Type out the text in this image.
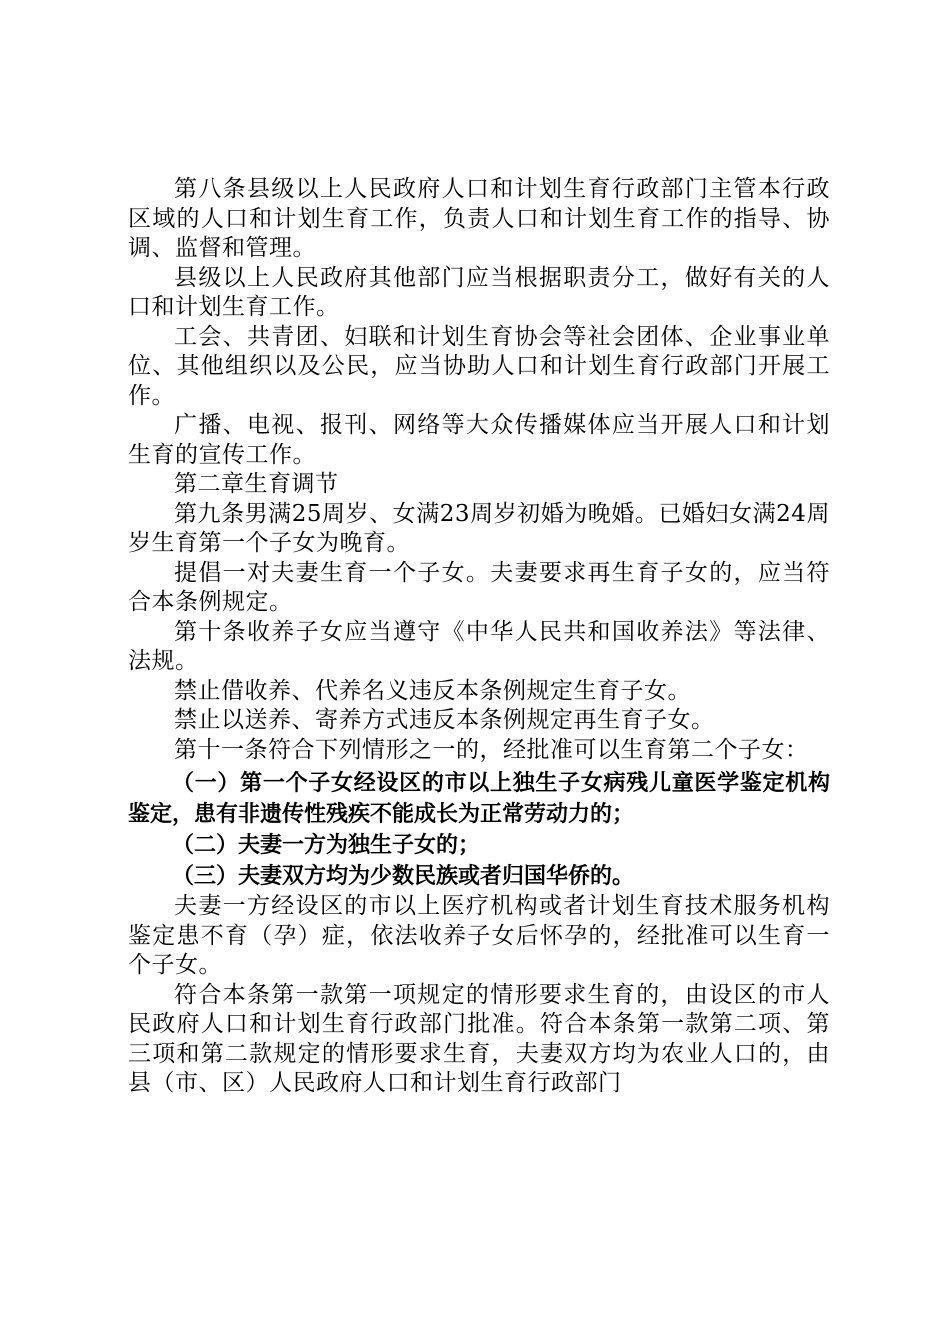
第八条县级以上人民政府人口和计划生育行政部门主管本行政区域的人口和计划生育工作，负责人口和计划生育工作的指导、协调、监督和管理。

县级以上人民政府其他部门应当根据职责分工，做好有关的人口和计划生育工作。

工会、共青团、妇联和计划生育协会等社会团体、企业事业单位、其他组织以及公民，应当协助人口和计划生育行政部门开展工作。

广播、电视、报刊、网络等大众传播媒体应当开展人口和计划生育的宣传工作。

第二章生育调节

第九条男满25周岁、女满23周岁初婚为晚婚。已婚妇女满24周岁生育第一个子女为晚育。

提倡一对夫妻生育一个子女。夫妻要求再生育子女的，应当符合本条例规定。

第十条收养子女应当遵守《中华人民共和国收养法》等法律、法规。

禁止借收养、代养名义违反本条例规定生育子女。

禁止以送养、寄养方式违反本条例规定再生育子女。

第十一条符合下列情形之一的，经批准可以生育第二个子女：

（一）第一个子女经设区的市以上独生子女病残儿童医学鉴定机构鉴定，患有非遗传性残疾不能成长为正常劳动力的；

（二）夫妻一方为独生子女的；

（三）夫妻双方均为少数民族或者归国华侨的。

夫妻一方经设区的市以上医疗机构或者计划生育技术服务机构鉴定患不育（孕）症，依法收养子女后怀孕的，经批准可以生育一个子女。

符合本条第一款第一项规定的情形要求生育的，由设区的市人民政府人口和计划生育行政部门批准。符合本条第一款第二项、第三项和第二款规定的情形要求生育，夫妻双方均为农业人口的，由县（市、区）人民政府人口和计划生育行政部门
